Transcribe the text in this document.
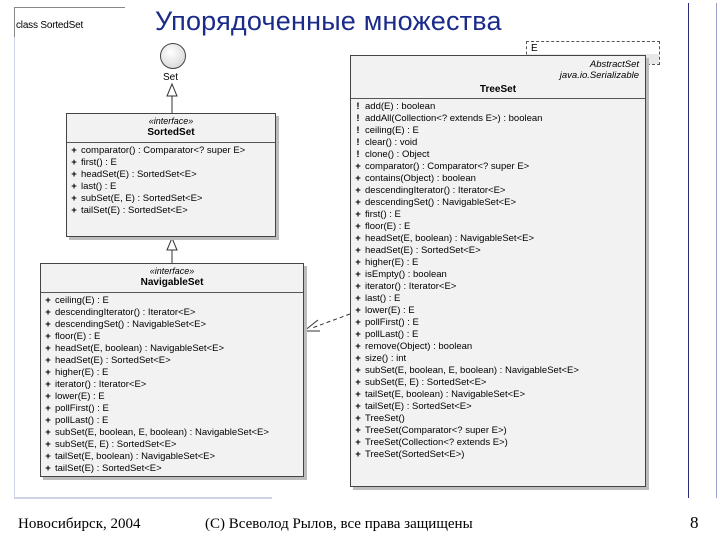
class SortedSet	Упорядоченные множества
Set
E
«interface»
SortedSet
+ comparator() : Comparator<? super E>
+ first() : E
+ headSet(E) : SortedSet<E>
+ last() : E
+ subSet(E, E) : SortedSet<E>
+ tailSet(E) : SortedSet<E>
«interface»
NavigableSet
+ ceiling(E) : E
+ descendingIterator() : Iterator<E>
+ descendingSet() : NavigableSet<E>
+ floor(E) : E
+ headSet(E, boolean) : NavigableSet<E>
+ headSet(E) : SortedSet<E>
+ higher(E) : E
+ iterator() : Iterator<E>
+ lower(E) : E
+ pollFirst() : E
+ pollLast() : E
+ subSet(E, boolean, E, boolean) : NavigableSet<E>
+ subSet(E, E) : SortedSet<E>
+ tailSet(E, boolean) : NavigableSet<E>
+ tailSet(E) : SortedSet<E>
AbstractSet
java.io.Serializable
TreeSet
! add(E) : boolean
! addAll(Collection<? extends E>) : boolean
! ceiling(E) : E
! clear() : void
! clone() : Object
+ comparator() : Comparator<? super E>
+ contains(Object) : boolean
+ descendingIterator() : Iterator<E>
+ descendingSet() : NavigableSet<E>
+ first() : E
+ floor(E) : E
+ headSet(E, boolean) : NavigableSet<E>
+ headSet(E) : SortedSet<E>
+ higher(E) : E
+ isEmpty() : boolean
+ iterator() : Iterator<E>
+ last() : E
+ lower(E) : E
+ pollFirst() : E
+ pollLast() : E
+ remove(Object) : boolean
+ size() : int
+ subSet(E, boolean, E, boolean) : NavigableSet<E>
+ subSet(E, E) : SortedSet<E>
+ tailSet(E, boolean) : NavigableSet<E>
+ tailSet(E) : SortedSet<E>
+ TreeSet()
+ TreeSet(Comparator<? super E>)
+ TreeSet(Collection<? extends E>)
+ TreeSet(SortedSet<E>)
Новосибирск, 2004	(C) Всеволод Рылов, все права защищены	8
